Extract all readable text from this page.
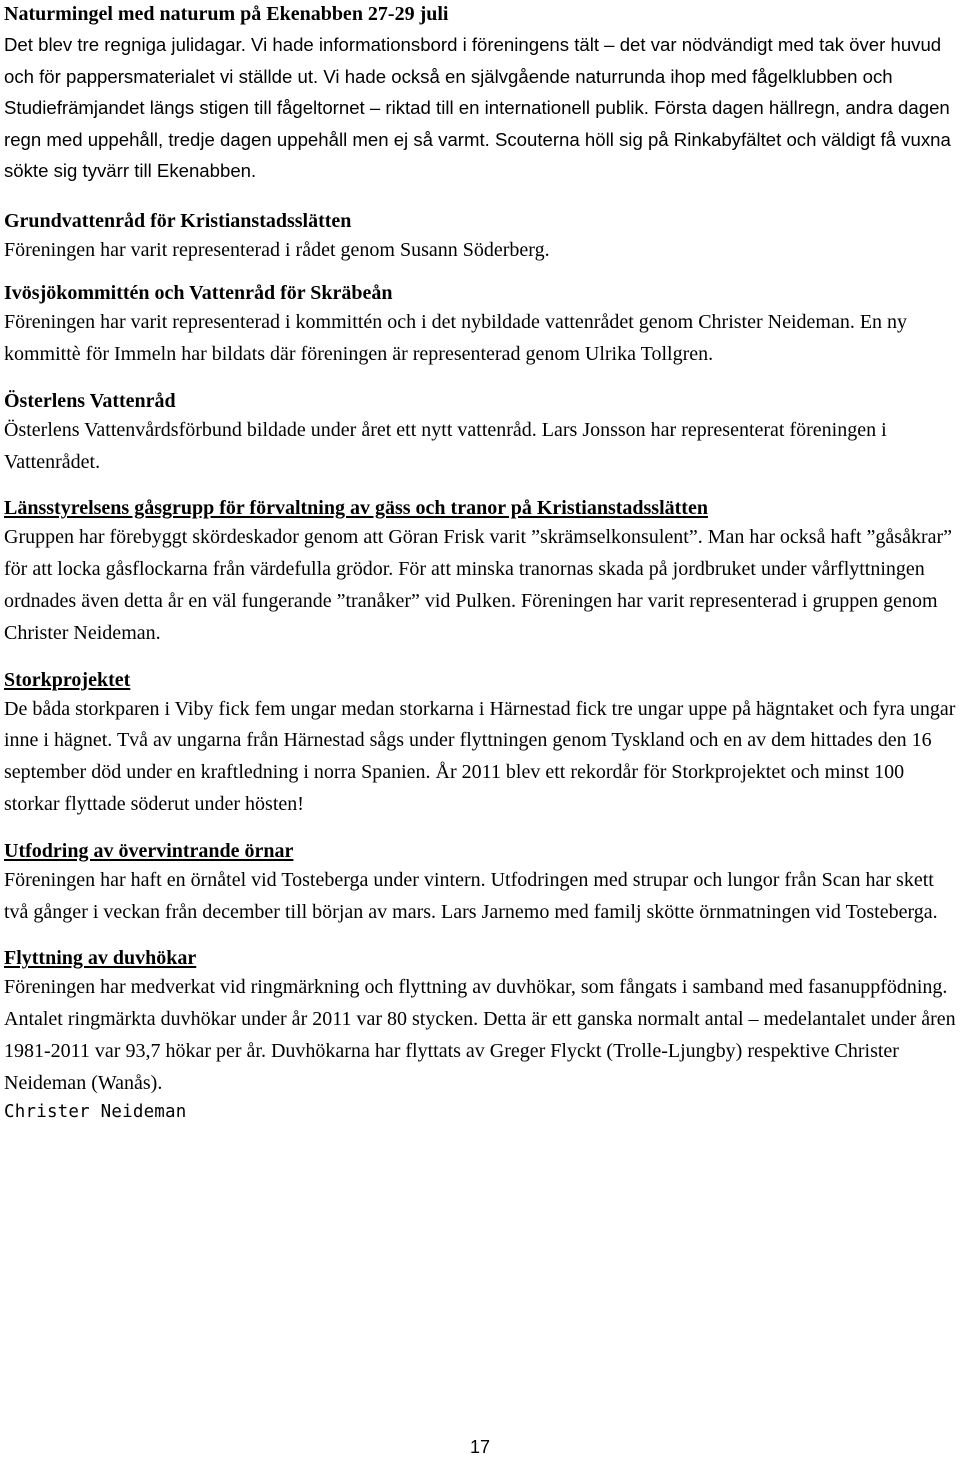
Naturmingel med naturum på Ekenabben 27-29 juli

Det blev tre regniga julidagar. Vi hade informationsbord i föreningens tält – det var nödvändigt med tak över huvud och för pappersmaterialet vi ställde ut. Vi hade också en självgående naturrunda ihop med fågelklubben och Studiefrämjandet längs stigen till fågeltornet – riktad till en internationell publik. Första dagen hällregn, andra dagen regn med uppehåll, tredje dagen uppehåll men ej så varmt. Scouterna höll sig på Rinkabyfältet och väldigt få vuxna sökte sig tyvärr till Ekenabben.

Grundvattenråd för Kristianstadsslätten

Föreningen har varit representerad i rådet genom Susann Söderberg.

Ivösjökommittén och Vattenråd för Skräbeån

Föreningen har varit representerad i kommittén och i det nybildade vattenrådet genom Christer Neideman. En ny kommittè för Immeln har bildats där föreningen är representerad genom Ulrika Tollgren.

Österlens Vattenråd

Österlens Vattenvårdsförbund bildade under året ett nytt vattenråd. Lars Jonsson har representerat föreningen i Vattenrådet.

Länsstyrelsens gåsgrupp för förvaltning av gäss och tranor på Kristianstadsslätten

Gruppen har förebyggt skördeskador genom att Göran Frisk varit ”skrämselkonsulent”. Man har också haft ”gåsåkrar” för att locka gåsflockarna från värdefulla grödor. För att minska tranornas skada på jordbruket under vårflyttningen ordnades även detta år en väl fungerande ”tranåker” vid Pulken. Föreningen har varit representerad i gruppen genom Christer Neideman.

Storkprojektet

De båda storkparen i Viby fick fem ungar medan storkarna i Härnestad fick tre ungar uppe på hägntaket och fyra ungar inne i hägnet. Två av ungarna från Härnestad sågs under flyttningen genom Tyskland och en av dem hittades den 16 september död under en kraftledning i norra Spanien. År 2011 blev ett rekordår för Storkprojektet och minst 100 storkar flyttade söderut under hösten!

Utfodring av övervintrande örnar

Föreningen har haft en örnåtel vid Tosteberga under vintern. Utfodringen med strupar och lungor från Scan har skett två gånger i veckan från december till början av mars. Lars Jarnemo med familj skötte örnmatningen vid Tosteberga.

Flyttning av duvhökar

Föreningen har medverkat vid ringmärkning och flyttning av duvhökar, som fångats i samband med fasanuppfödning. Antalet ringmärkta duvhökar under år 2011 var 80 stycken. Detta är ett ganska normalt antal – medelantalet under åren 1981-2011 var 93,7 hökar per år. Duvhökarna har flyttats av Greger Flyckt (Trolle-Ljungby) respektive Christer Neideman (Wanås).

Christer Neideman

17
